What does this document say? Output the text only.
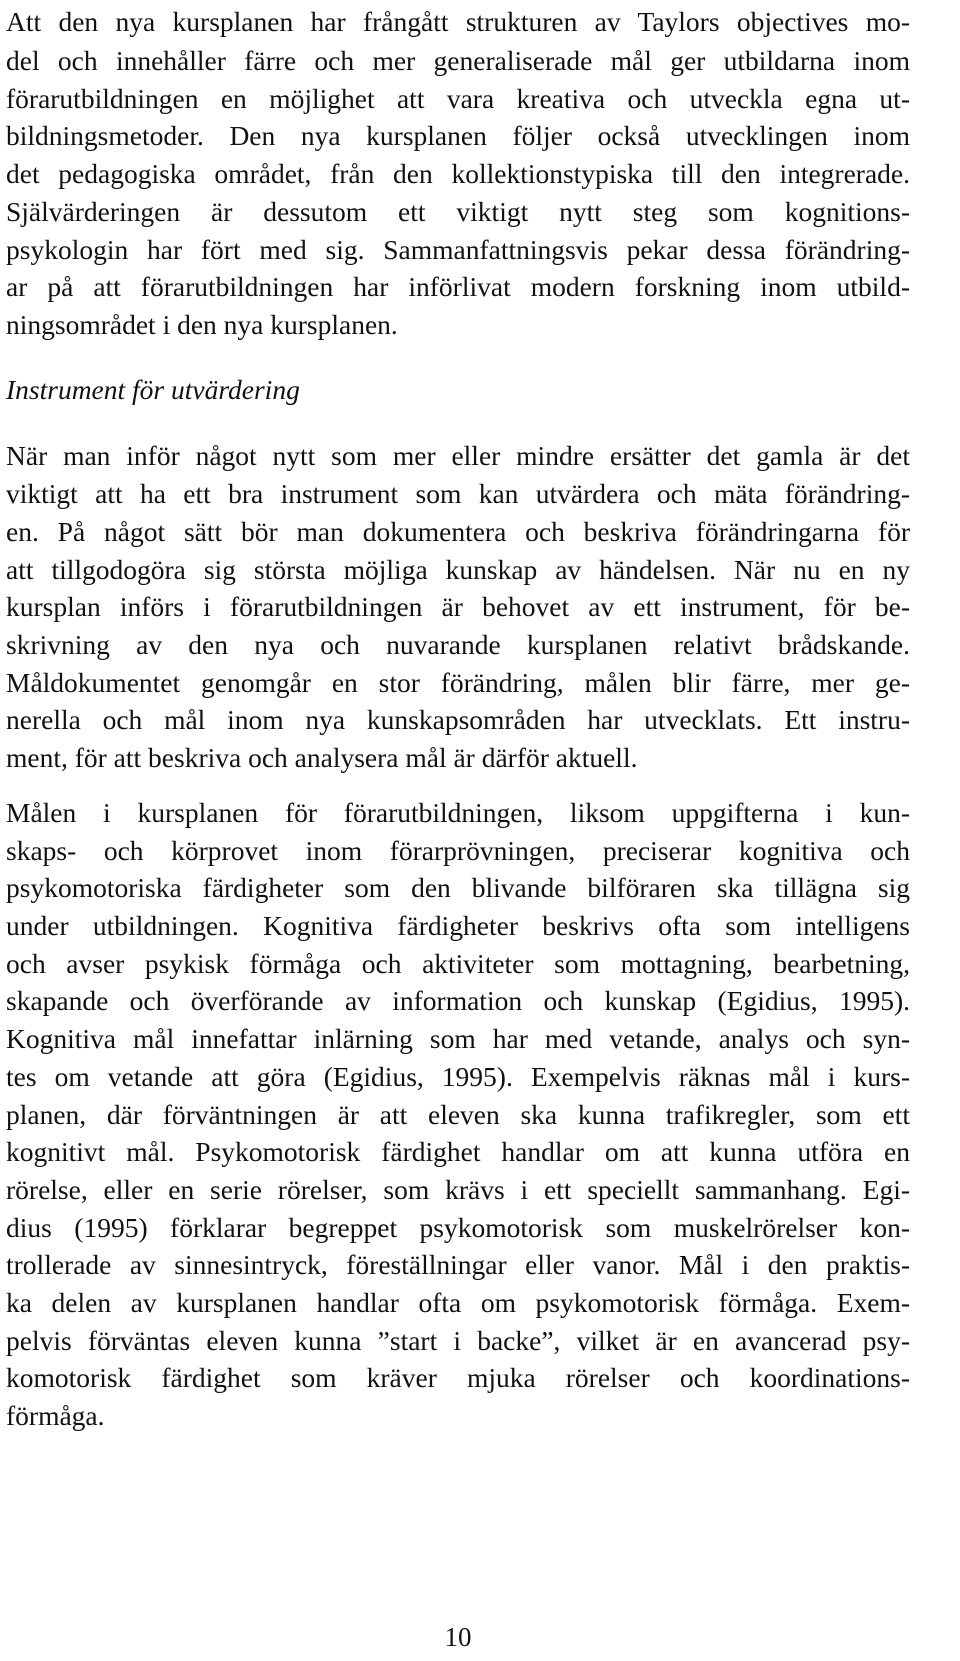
Att den nya kursplanen har frångått strukturen av Taylors objectives mo-
del och innehåller färre och mer generaliserade mål ger utbildarna inom
förarutbildningen en möjlighet att vara kreativa och utveckla egna ut-
bildningsmetoder. Den nya kursplanen följer också utvecklingen inom
det pedagogiska området, från den kollektionstypiska till den integrerade.
Självärderingen är dessutom ett viktigt nytt steg som kognitions-
psykologin har fört med sig. Sammanfattningsvis pekar dessa förändring-
ar på att förarutbildningen har införlivat modern forskning inom utbild-
ningsområdet i den nya kursplanen.
Instrument för utvärdering
När man inför något nytt som mer eller mindre ersätter det gamla är det
viktigt att ha ett bra instrument som kan utvärdera och mäta förändring-
en. På något sätt bör man dokumentera och beskriva förändringarna för
att tillgodogöra sig största möjliga kunskap av händelsen. När nu en ny
kursplan införs i förarutbildningen är behovet av ett instrument, för be-
skrivning av den nya och nuvarande kursplanen relativt brådskande.
Måldokumentet genomgår en stor förändring, målen blir färre, mer ge-
nerella och mål inom nya kunskapsområden har utvecklats. Ett instru-
ment, för att beskriva och analysera mål är därför aktuell.
Målen i kursplanen för förarutbildningen, liksom uppgifterna i kun-
skaps- och körprovet inom förarprövningen, preciserar kognitiva och
psykomotoriska färdigheter som den blivande bilföraren ska tillägna sig
under utbildningen. Kognitiva färdigheter beskrivs ofta som intelligens
och avser psykisk förmåga och aktiviteter som mottagning, bearbetning,
skapande och överförande av information och kunskap (Egidius, 1995).
Kognitiva mål innefattar inlärning som har med vetande, analys och syn-
tes om vetande att göra (Egidius, 1995). Exempelvis räknas mål i kurs-
planen, där förväntningen är att eleven ska kunna trafikregler, som ett
kognitivt mål. Psykomotorisk färdighet handlar om att kunna utföra en
rörelse, eller en serie rörelser, som krävs i ett speciellt sammanhang. Egi-
dius (1995) förklarar begreppet psykomotorisk som muskelrörelser kon-
trollerade av sinnesintryck, föreställningar eller vanor. Mål i den praktis-
ka delen av kursplanen handlar ofta om psykomotorisk förmåga. Exem-
pelvis förväntas eleven kunna ”start i backe”, vilket är en avancerad psy-
komotorisk färdighet som kräver mjuka rörelser och koordinations-
förmåga.
10
